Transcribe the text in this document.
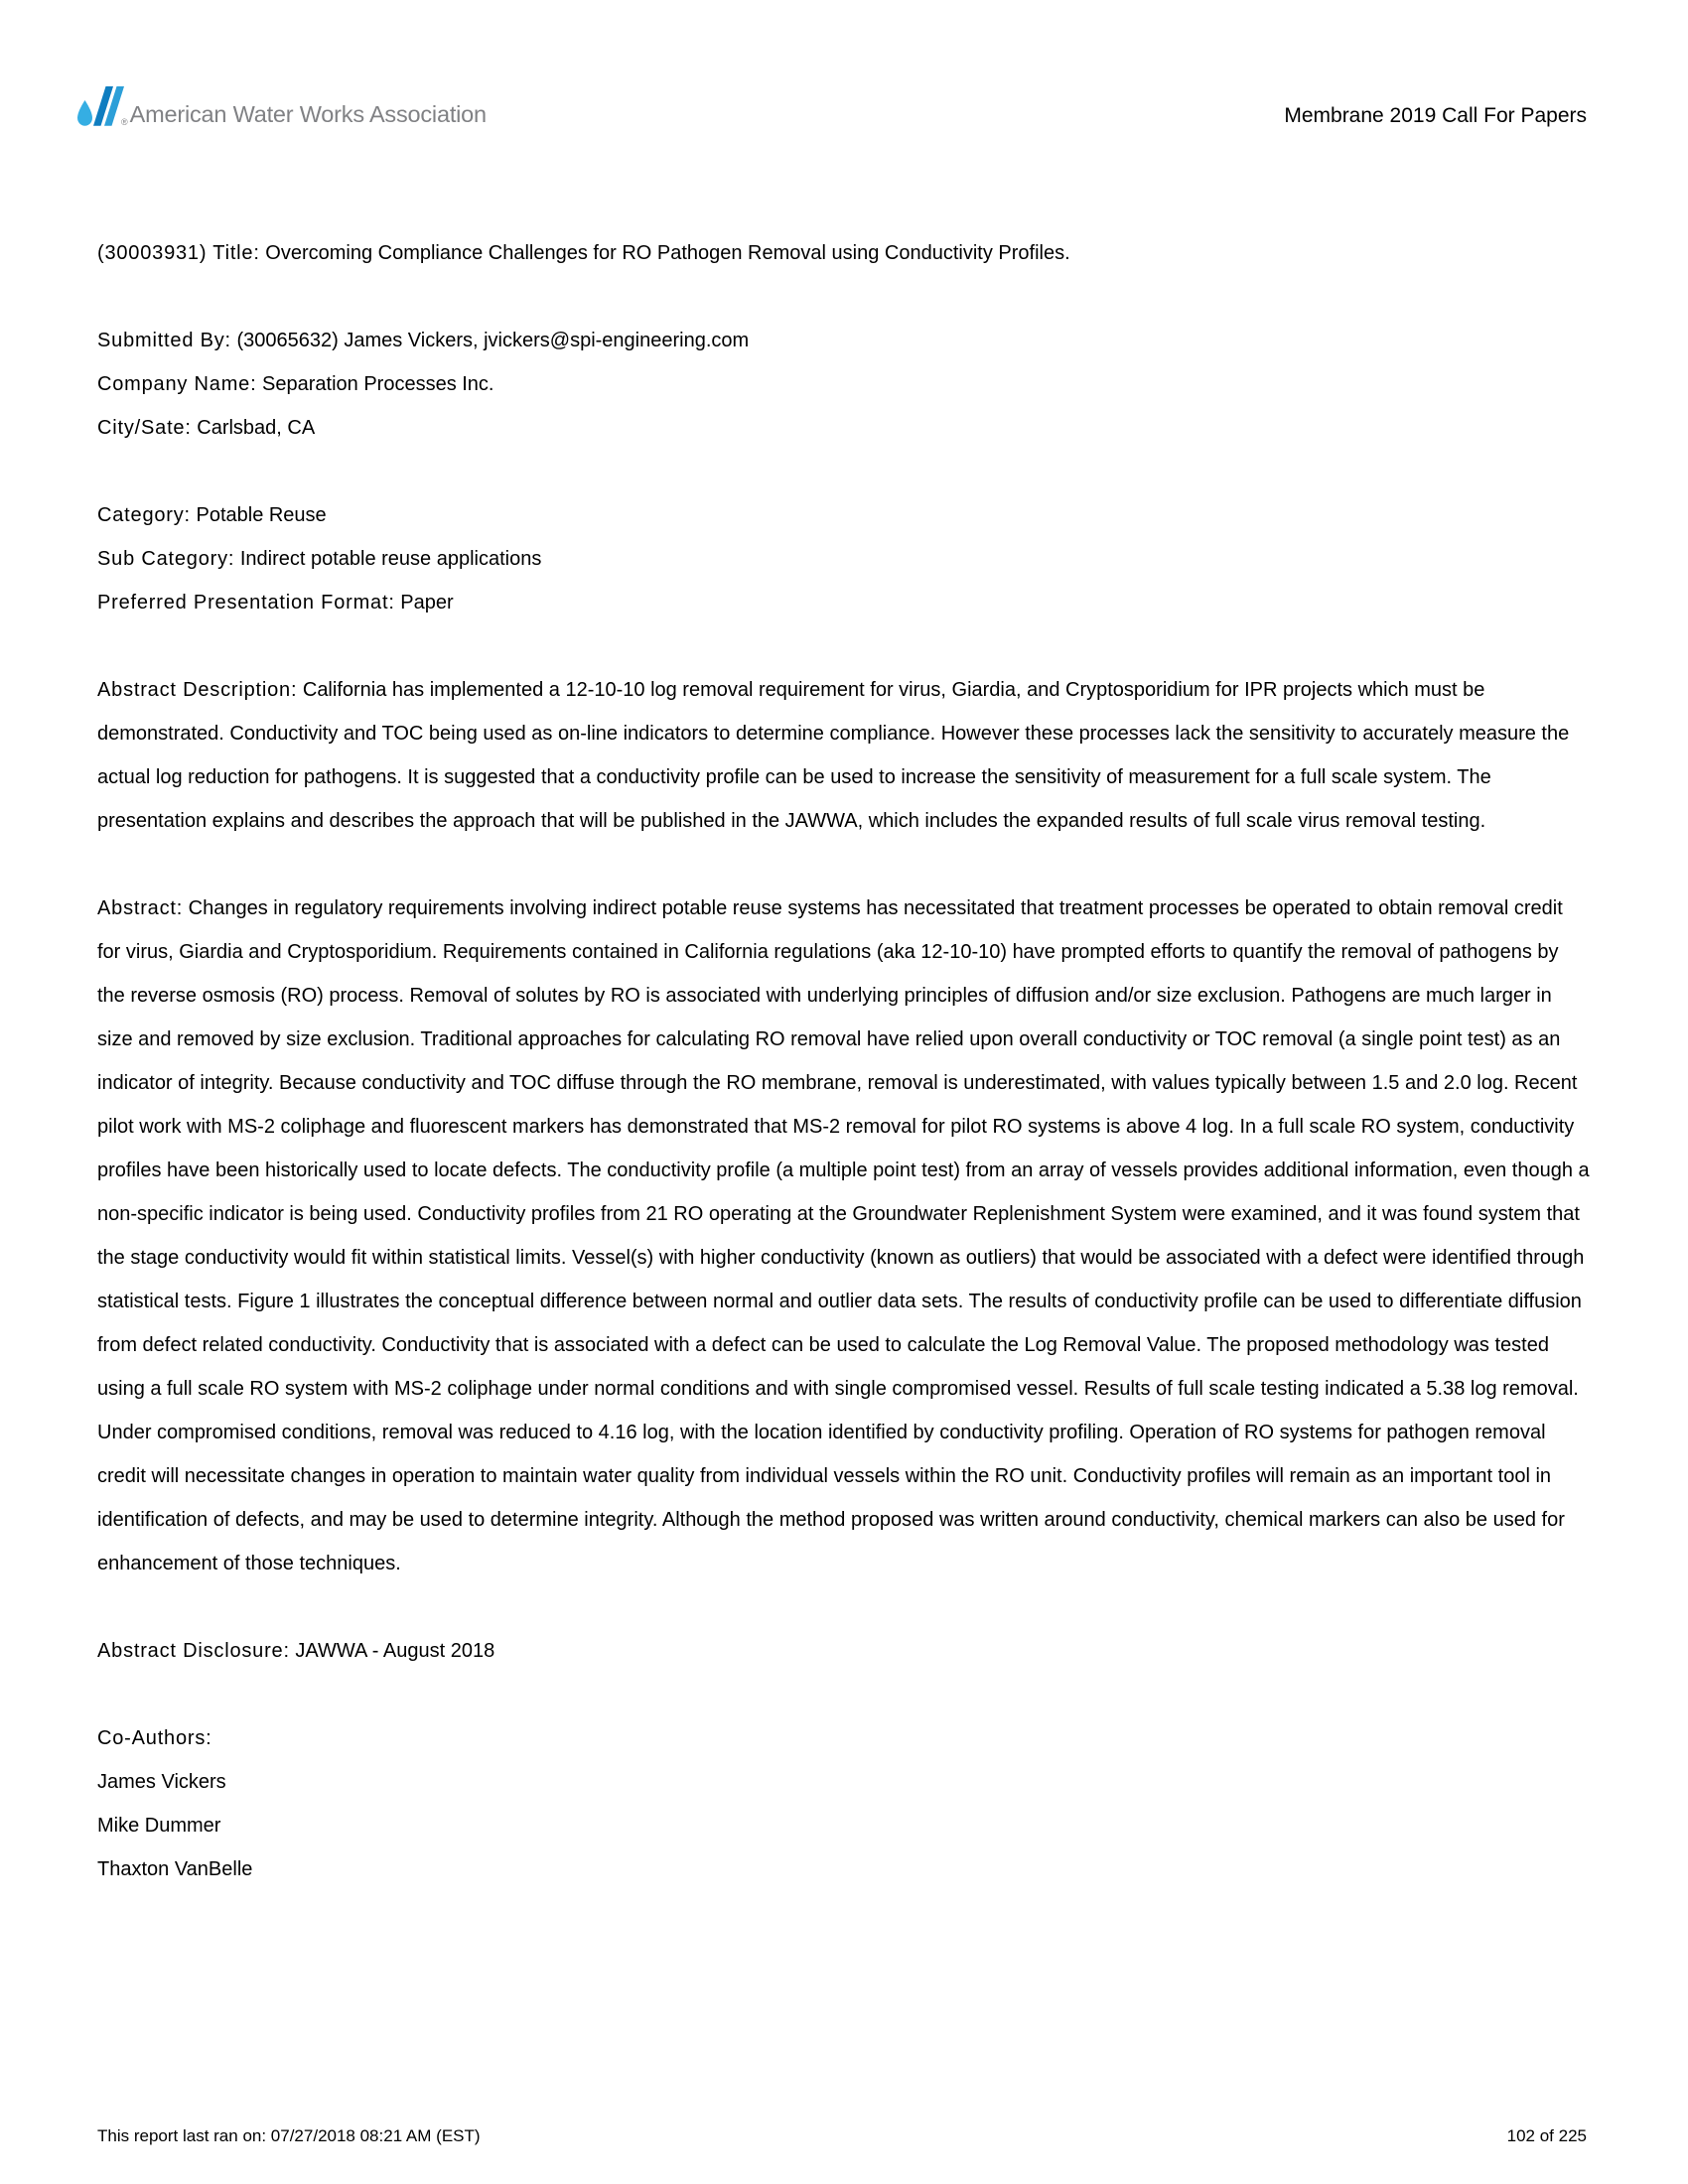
® American Water Works Association	Membrane 2019 Call For Papers

(30003931) Title: Overcoming Compliance Challenges for RO Pathogen Removal using Conductivity Profiles.

Submitted By: (30065632) James Vickers, jvickers@spi-engineering.com

Company Name: Separation Processes Inc.

City/Sate: Carlsbad, CA

Category: Potable Reuse

Sub Category: Indirect potable reuse applications

Preferred Presentation Format: Paper

Abstract Description: California has implemented a 12-10-10 log removal requirement for virus, Giardia, and Cryptosporidium for IPR projects which must be demonstrated. Conductivity and TOC being used as on-line indicators to determine compliance. However these processes lack the sensitivity to accurately measure the actual log reduction for pathogens. It is suggested that a conductivity profile can be used to increase the sensitivity of measurement for a full scale system. The presentation explains and describes the approach that will be published in the JAWWA, which includes the expanded results of full scale virus removal testing.

Abstract: Changes in regulatory requirements involving indirect potable reuse systems has necessitated that treatment processes be operated to obtain removal credit for virus, Giardia and Cryptosporidium. Requirements contained in California regulations (aka 12-10-10) have prompted efforts to quantify the removal of pathogens by the reverse osmosis (RO) process. Removal of solutes by RO is associated with underlying principles of diffusion and/or size exclusion. Pathogens are much larger in size and removed by size exclusion. Traditional approaches for calculating RO removal have relied upon overall conductivity or TOC removal (a single point test) as an indicator of integrity. Because conductivity and TOC diffuse through the RO membrane, removal is underestimated, with values typically between 1.5 and 2.0 log. Recent pilot work with MS-2 coliphage and fluorescent markers has demonstrated that MS-2 removal for pilot RO systems is above 4 log. In a full scale RO system, conductivity profiles have been historically used to locate defects. The conductivity profile (a multiple point test) from an array of vessels provides additional information, even though a non-specific indicator is being used. Conductivity profiles from 21 RO operating at the Groundwater Replenishment System were examined, and it was found system that the stage conductivity would fit within statistical limits. Vessel(s) with higher conductivity (known as outliers) that would be associated with a defect were identified through statistical tests. Figure 1 illustrates the conceptual difference between normal and outlier data sets. The results of conductivity profile can be used to differentiate diffusion from defect related conductivity. Conductivity that is associated with a defect can be used to calculate the Log Removal Value. The proposed methodology was tested using a full scale RO system with MS-2 coliphage under normal conditions and with single compromised vessel. Results of full scale testing indicated a 5.38 log removal. Under compromised conditions, removal was reduced to 4.16 log, with the location identified by conductivity profiling. Operation of RO systems for pathogen removal credit will necessitate changes in operation to maintain water quality from individual vessels within the RO unit. Conductivity profiles will remain as an important tool in identification of defects, and may be used to determine integrity. Although the method proposed was written around conductivity, chemical markers can also be used for enhancement of those techniques.

Abstract Disclosure: JAWWA - August 2018

Co-Authors:

James Vickers

Mike Dummer

Thaxton VanBelle

This report last ran on: 07/27/2018 08:21 AM (EST)	102 of 225
